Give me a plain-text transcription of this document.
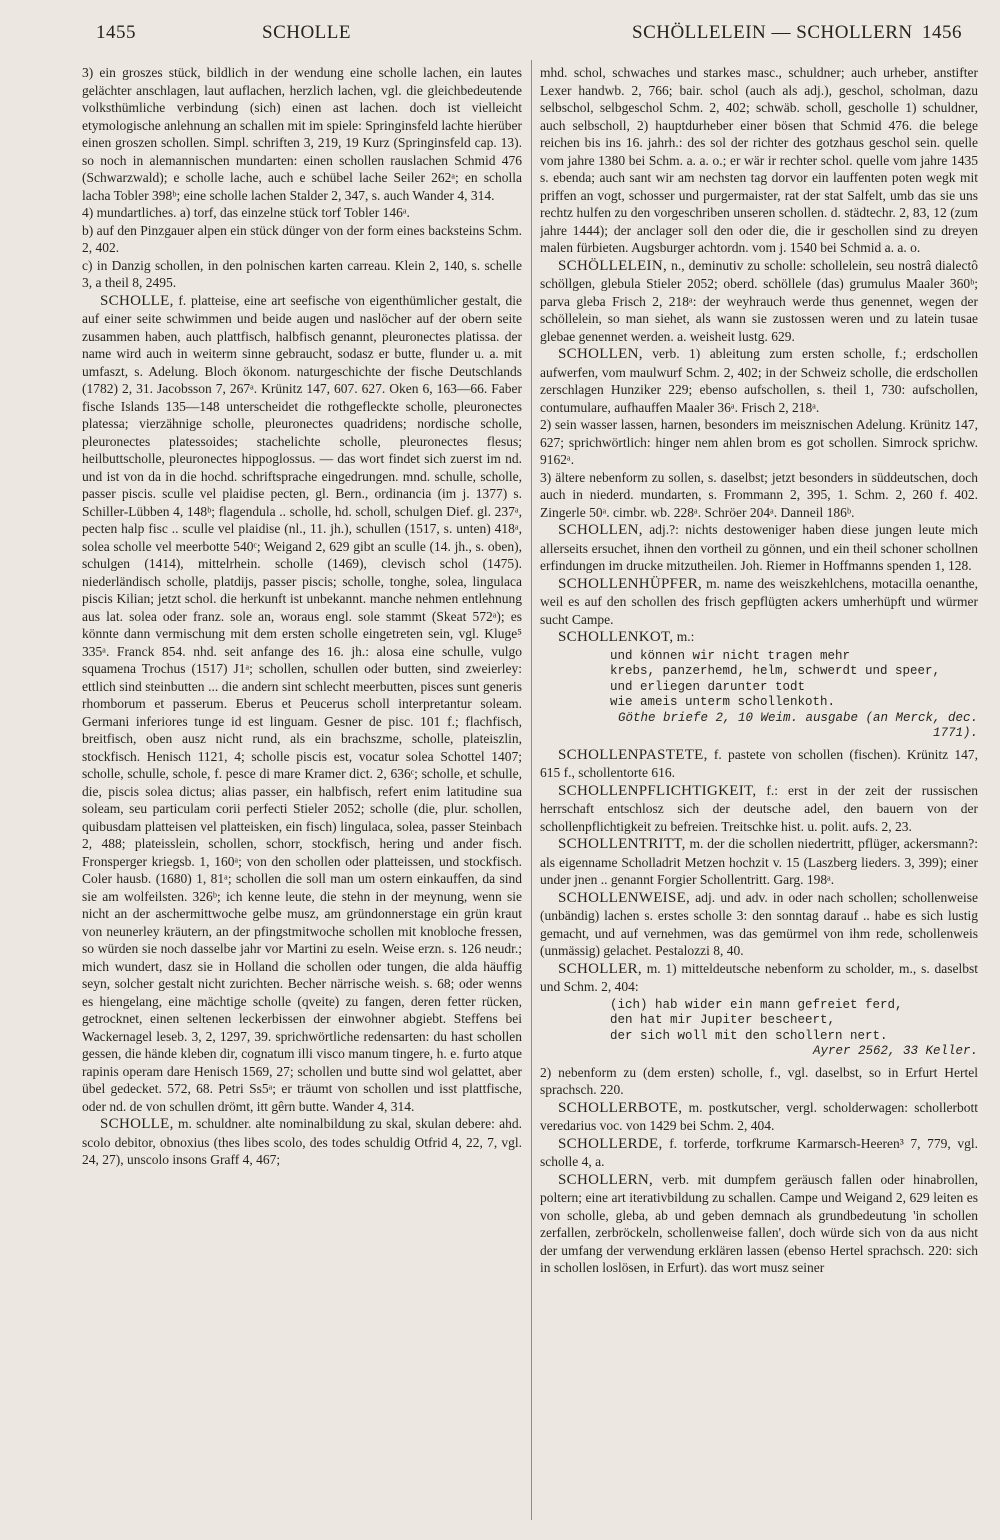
1455	SCHOLLE	SCHÖLLELEIN — SCHOLLERN 1456

3) ein groszes stück, bildlich in der wendung eine scholle lachen, ein lautes gelächter anschlagen, laut auflachen, herzlich lachen, vgl. die gleichbedeutende volksthümliche verbindung (sich) einen ast lachen. doch ist vielleicht etymologische anlehnung an schallen mit im spiele: Springinsfeld lachte hierüber einen groszen schollen. Simpl. schriften 3, 219, 19 Kurz (Springinsfeld cap. 13). so noch in alemannischen mundarten: einen schollen rauslachen Schmid 476 (Schwarzwald); e scholle lache, auch e schübel lache Seiler 262ᵃ; en scholla lacha Tobler 398ᵇ; eine scholle lachen Stalder 2, 347, s. auch Wander 4, 314.

4) mundartliches. a) torf, das einzelne stück torf Tobler 146ᵃ.

b) auf den Pinzgauer alpen ein stück dünger von der form eines backsteins Schm. 2, 402.

c) in Danzig schollen, in den polnischen karten carreau. Klein 2, 140, s. schelle 3, a theil 8, 2495.

SCHOLLE, f. platteise, eine art seefische von eigenthümlicher gestalt, die auf einer seite schwimmen und beide augen und naslöcher auf der obern seite zusammen haben, auch plattfisch, halbfisch genannt, pleuronectes platissa. der name wird auch in weiterm sinne gebraucht, sodasz er butte, flunder u. a. mit umfaszt, s. Adelung. Bloch ökonom. naturgeschichte der fische Deutschlands (1782) 2, 31. Jacobsson 7, 267ᵃ. Krünitz 147, 607. 627. Oken 6, 163—66. Faber fische Islands 135—148 unterscheidet die rothgefleckte scholle, pleuronectes platessa; vierzähnige scholle, pleuronectes quadridens; nordische scholle, pleuronectes platessoides; stachelichte scholle, pleuronectes flesus; heilbuttscholle, pleuronectes hippoglossus. — das wort findet sich zuerst im nd. und ist von da in die hochd. schriftsprache eingedrungen. mnd. schulle, scholle, passer piscis. sculle vel plaidise pecten, gl. Bern., ordinancia (im j. 1377) s. Schiller-Lübben 4, 148ᵇ; flagendula .. scholle, hd. scholl, schulgen Dief. gl. 237ᵃ, pecten halp fisc .. sculle vel plaidise (nl., 11. jh.), schullen (1517, s. unten) 418ᵃ, solea scholle vel meerbotte 540ᶜ; Weigand 2, 629 gibt an sculle (14. jh., s. oben), schulgen (1414), mittelrhein. scholle (1469), clevisch schol (1475). niederländisch scholle, platdijs, passer piscis; scholle, tonghe, solea, lingulaca piscis Kilian; jetzt schol. die herkunft ist unbekannt. manche nehmen entlehnung aus lat. solea oder franz. sole an, woraus engl. sole stammt (Skeat 572ᵃ); es könnte dann vermischung mit dem ersten scholle eingetreten sein, vgl. Kluge⁵ 335ᵃ. Franck 854. nhd. seit anfange des 16. jh.: alosa eine schulle, vulgo squamena Trochus (1517) J1ᵃ; schollen, schullen oder butten, sind zweierley: ettlich sind steinbutten ... die andern sint schlecht meerbutten, pisces sunt generis rhomborum et passerum. Eberus et Peucerus scholl interpretantur soleam. Germani inferiores tunge id est linguam. Gesner de pisc. 101 f.; flachfisch, breitfisch, oben ausz nicht rund, als ein brachszme, scholle, plateiszlin, stockfisch. Henisch 1121, 4; scholle piscis est, vocatur solea Schottel 1407; scholle, schulle, schole, f. pesce di mare Kramer dict. 2, 636ᶜ; scholle, et schulle, die, piscis solea dictus; alias passer, ein halbfisch, refert enim latitudine sua soleam, seu particulam corii perfecti Stieler 2052; scholle (die, plur. schollen, quibusdam platteisen vel platteisken, ein fisch) lingulaca, solea, passer Steinbach 2, 488; plateisslein, schollen, schorr, stockfisch, hering und ander fisch. Fronsperger kriegsb. 1, 160ᵃ; von den schollen oder platteissen, und stockfisch. Coler hausb. (1680) 1, 81ᵃ; schollen die soll man um ostern einkauffen, da sind sie am wolfeilsten. 326ᵇ; ich kenne leute, die stehn in der meynung, wenn sie nicht an der aschermittwoche gelbe musz, am gründonnerstage ein grün kraut von neunerley kräutern, an der pfingstmitwoche schollen mit knobloche fressen, so würden sie noch dasselbe jahr vor Martini zu eseln. Weise erzn. s. 126 neudr.; mich wundert, dasz sie in Holland die schollen oder tungen, die alda häuffig seyn, solcher gestalt nicht zurichten. Becher närrische weish. s. 68; oder wenns es hiengelang, eine mächtige scholle (qveite) zu fangen, deren fetter rücken, getrocknet, einen seltenen leckerbissen der einwohner abgiebt. Steffens bei Wackernagel leseb. 3, 2, 1297, 39. sprichwörtliche redensarten: du hast schollen gessen, die hände kleben dir, cognatum illi visco manum tingere, h. e. furto atque rapinis operam dare Henisch 1569, 27; schollen und butte sind wol gelattet, aber übel gedecket. 572, 68. Petri Ss5ᵃ; er träumt von schollen und isst plattfische, oder nd. de von schullen drömt, itt gêrn butte. Wander 4, 314.

SCHOLLE, m. schuldner. alte nominalbildung zu skal, skulan debere: ahd. scolo debitor, obnoxius (thes libes scolo, des todes schuldig Otfrid 4, 22, 7, vgl. 24, 27), unscolo insons Graff 4, 467;

mhd. schol, schwaches und starkes masc., schuldner; auch urheber, anstifter Lexer handwb. 2, 766; bair. schol (auch als adj.), geschol, scholman, dazu selbschol, selbgeschol Schm. 2, 402; schwäb. scholl, gescholle 1) schuldner, auch selbscholl, 2) hauptdurheber einer bösen that Schmid 476. die belege reichen bis ins 16. jahrh.: des sol der richter des gotzhaus geschol sein. quelle vom jahre 1380 bei Schm. a. a. o.; er wär ir rechter schol. quelle vom jahre 1435 s. ebenda; auch sant wir am nechsten tag dorvor ein lauffenten poten wegk mit priffen an vogt, schosser und purgermaister, rat der stat Salfelt, umb das sie uns rechtz hulfen zu den vorgeschriben unseren schollen. d. städtechr. 2, 83, 12 (zum jahre 1444); der anclager soll den oder die, die ir geschollen sind zu dreyen malen fürbieten. Augsburger achtordn. vom j. 1540 bei Schmid a. a. o.

SCHÖLLELEIN, n., deminutiv zu scholle: schollelein, seu nostrâ dialectô schöllgen, glebula Stieler 2052; oberd. schöllele (das) grumulus Maaler 360ᵇ; parva gleba Frisch 2, 218ᵃ: der weyhrauch werde thus genennet, wegen der schöllelein, so man siehet, als wann sie zustossen weren und zu latein tusae glebae genennet werden. a. weisheit lustg. 629.

SCHOLLEN, verb. 1) ableitung zum ersten scholle, f.; erdschollen aufwerfen, vom maulwurf Schm. 2, 402; in der Schweiz scholle, die erdschollen zerschlagen Hunziker 229; ebenso aufschollen, s. theil 1, 730: aufschollen, contumulare, aufhauffen Maaler 36ᵃ. Frisch 2, 218ᵃ.

2) sein wasser lassen, harnen, besonders im meisznischen Adelung. Krünitz 147, 627; sprichwörtlich: hinger nem ahlen brom es got schollen. Simrock sprichw. 9162ᵃ.

3) ältere nebenform zu sollen, s. daselbst; jetzt besonders in süddeutschen, doch auch in niederd. mundarten, s. Frommann 2, 395, 1. Schm. 2, 260 f. 402. Zingerle 50ᵃ. cimbr. wb. 228ᵃ. Schröer 204ᵃ. Danneil 186ᵇ.

SCHOLLEN, adj.?: nichts destoweniger haben diese jungen leute mich allerseits ersuchet, ihnen den vortheil zu gönnen, und ein theil schoner schollnen erfindungen im drucke mitzutheilen. Joh. Riemer in Hoffmanns spenden 1, 128.

SCHOLLENHÜPFER, m. name des weiszkehlchens, motacilla oenanthe, weil es auf den schollen des frisch gepflügten ackers umherhüpft und würmer sucht Campe.

SCHOLLENKOT, m.:

und können wir nicht tragen mehr
krebs, panzerhemd, helm, schwerdt und speer,
und erliegen darunter todt
wie ameis unterm schollenkoth.
Göthe briefe 2, 10 Weim. ausgabe (an Merck, dec. 1771).

SCHOLLENPASTETE, f. pastete von schollen (fischen). Krünitz 147, 615 f., schollentorte 616.

SCHOLLENPFLICHTIGKEIT, f.: erst in der zeit der russischen herrschaft entschlosz sich der deutsche adel, den bauern von der schollenpflichtigkeit zu befreien. Treitschke hist. u. polit. aufs. 2, 23.

SCHOLLENTRITT, m. der die schollen niedertritt, pflüger, ackersmann?: als eigenname Scholladrit Metzen hochzit v. 15 (Laszberg lieders. 3, 399); einer under jnen .. genannt Forgier Schollentritt. Garg. 198ᵃ.

SCHOLLENWEISE, adj. und adv. in oder nach schollen; schollenweise (unbändig) lachen s. erstes scholle 3: den sonntag darauf .. habe es sich lustig gemacht, und auf vernehmen, was das gemürmel von ihm rede, schollenweis (unmässig) gelachet. Pestalozzi 8, 40.

SCHOLLER, m. 1) mitteldeutsche nebenform zu scholder, m., s. daselbst und Schm. 2, 404:

(ich) hab wider ein mann gefreiet ferd,
den hat mir Jupiter bescheert,
der sich woll mit den schollern nert.
Ayrer 2562, 33 Keller.

2) nebenform zu (dem ersten) scholle, f., vgl. daselbst, so in Erfurt Hertel sprachsch. 220.

SCHOLLERBOTE, m. postkutscher, vergl. scholderwagen: schollerbott veredarius voc. von 1429 bei Schm. 2, 404.

SCHOLLERDE, f. torferde, torfkrume Karmarsch-Heeren³ 7, 779, vgl. scholle 4, a.

SCHOLLERN, verb. mit dumpfem geräusch fallen oder hinabrollen, poltern; eine art iterativbildung zu schallen. Campe und Weigand 2, 629 leiten es von scholle, gleba, ab und geben demnach als grundbedeutung 'in schollen zerfallen, zerbröckeln, schollenweise fallen', doch würde sich von da aus nicht der umfang der verwendung erklären lassen (ebenso Hertel sprachsch. 220: sich in schollen loslösen, in Erfurt). das wort musz seiner
